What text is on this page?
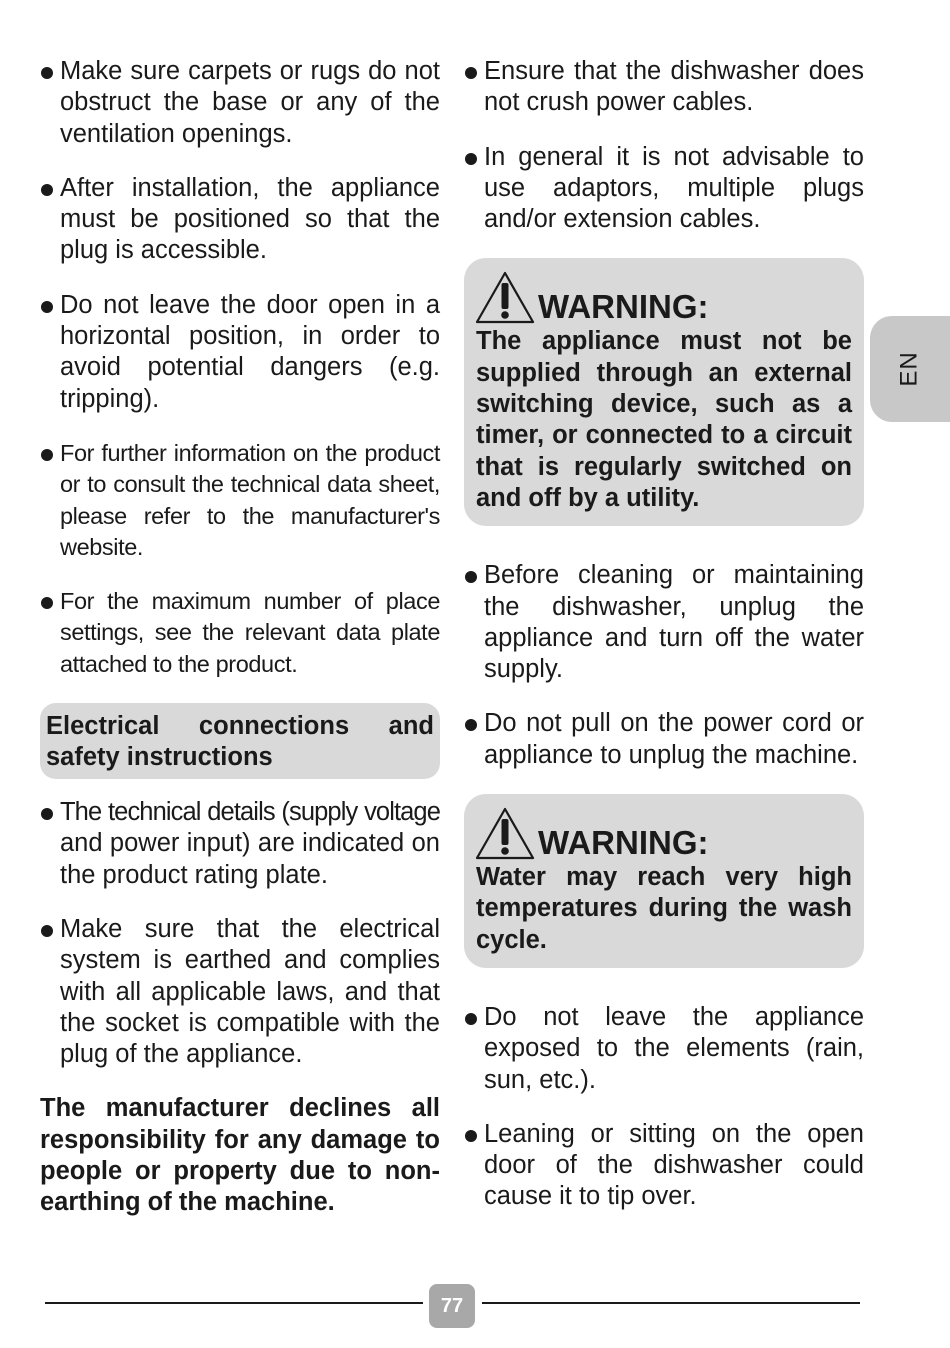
Make sure carpets or rugs do not obstruct the base or any of the ventilation openings.
After installation, the appliance must be positioned so that the plug is accessible.
Do not leave the door open in a horizontal position, in order to avoid potential dangers (e.g. tripping).
For further information on the product or to consult the technical data sheet, please refer to the manufacturer's website.
For the maximum number of place settings, see the relevant data plate attached to the product.
Electrical connections and safety instructions
The technical details (supply voltage and power input) are indicated on the product rating plate.
Make sure that the electrical system is earthed and complies with all applicable laws, and that the socket is compatible with the plug of the appliance.
The manufacturer declines all responsibility for any damage to people or property due to non-earthing of the machine.
Ensure that the dishwasher does not crush power cables.
In general it is not advisable to use adaptors, multiple plugs and/or extension cables.
WARNING:
The appliance must not be supplied through an external switching device, such as a timer, or connected to a circuit that is regularly switched on and off by a utility.
Before cleaning or maintaining the dishwasher, unplug the appliance and turn off the water supply.
Do not pull on the power cord or appliance to unplug the machine.
WARNING:
Water may reach very high temperatures during the wash cycle.
Do not leave the appliance exposed to the elements (rain, sun, etc.).
Leaning or sitting on the open door of the dishwasher could cause it to tip over.
EN
77
